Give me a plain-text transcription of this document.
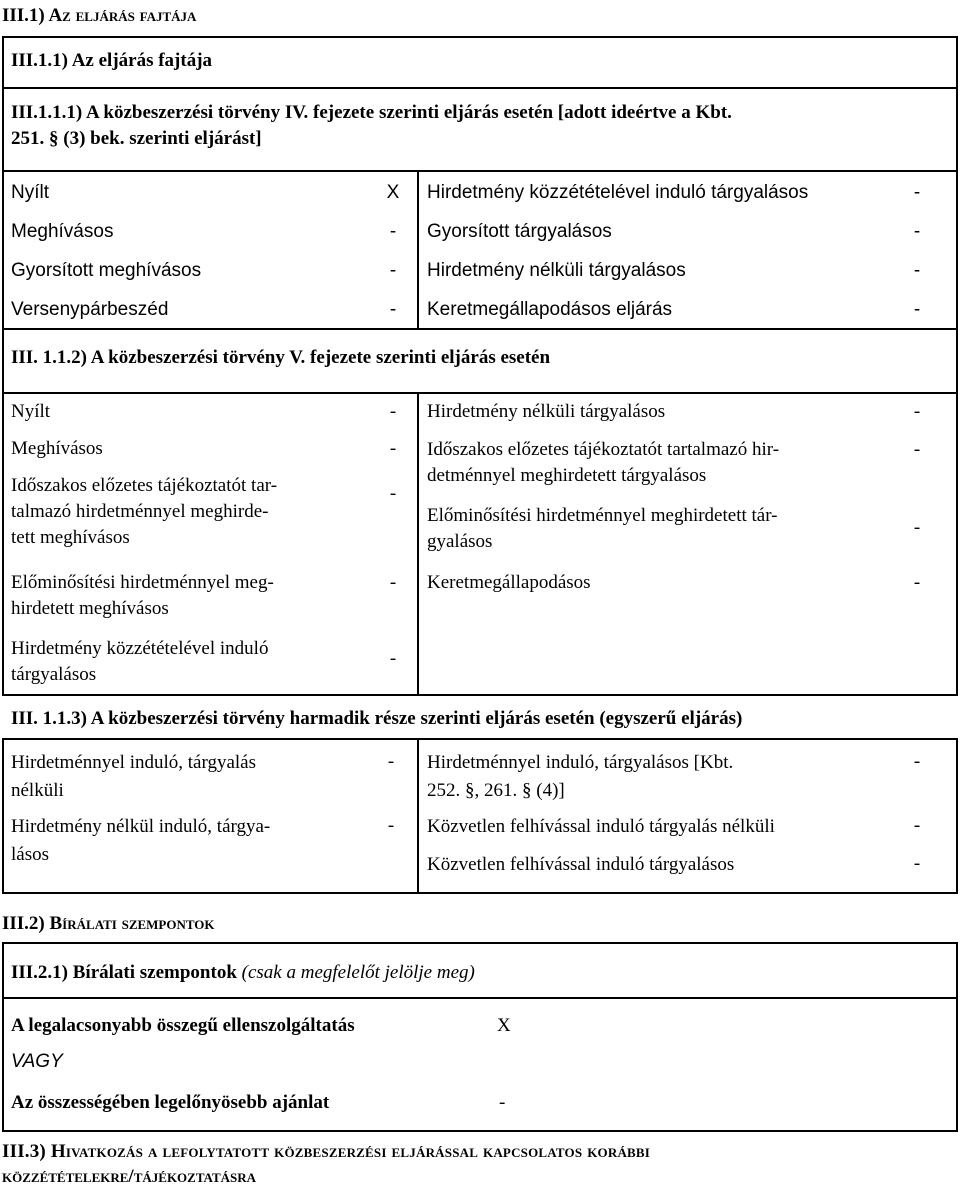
III.1) Az eljárás fajtája
III.1.1) Az eljárás fajtája
III.1.1.1) A közbeszerzési törvény IV. fejezete szerinti eljárás esetén [adott ideértve a Kbt.
251. § (3) bek. szerinti eljárást]
Nyílt	X
Meghívásos	-
Gyorsított meghívásos	-
Versenypárbeszéd	-
Hirdetmény közzétételével induló tárgyalásos	-
Gyorsított tárgyalásos	-
Hirdetmény nélküli tárgyalásos	-
Keretmegállapodásos eljárás	-
III. 1.1.2) A közbeszerzési törvény V. fejezete szerinti eljárás esetén
Nyílt	-
Meghívásos	-
Időszakos előzetes tájékoztatót tar-
talmazó hirdetménnyel meghirde-
tett meghívásos
-
Előminősítési hirdetménnyel meg-
hirdetett meghívásos
-
Hirdetmény közzétételével induló
tárgyalásos
-
Hirdetmény nélküli tárgyalásos	-
Időszakos előzetes tájékoztatót tartalmazó hir-
detménnyel meghirdetett tárgyalásos
-
Előminősítési hirdetménnyel meghirdetett tár-
gyalásos
-
Keretmegállapodásos	-
III. 1.1.3) A közbeszerzési törvény harmadik része szerinti eljárás esetén (egyszerű eljárás)
Hirdetménnyel induló, tárgyalás
nélküli
-
Hirdetmény nélkül induló, tárgya-
lásos
-
Hirdetménnyel induló, tárgyalásos [Kbt.
252. §, 261. § (4)]
-
Közvetlen felhívással induló tárgyalás nélküli	-
Közvetlen felhívással induló tárgyalásos	-
III.2) Bírálati szempontok
III.2.1) Bírálati szempontok (csak a megfelelőt jelölje meg)
A legalacsonyabb összegű ellenszolgáltatás	X
VAGY
Az összességében legelőnyösebb ajánlat	-
III.3) Hivatkozás a lefolytatott közbeszerzési eljárással kapcsolatos korábbi
közzétételekre/tájékoztatásra
